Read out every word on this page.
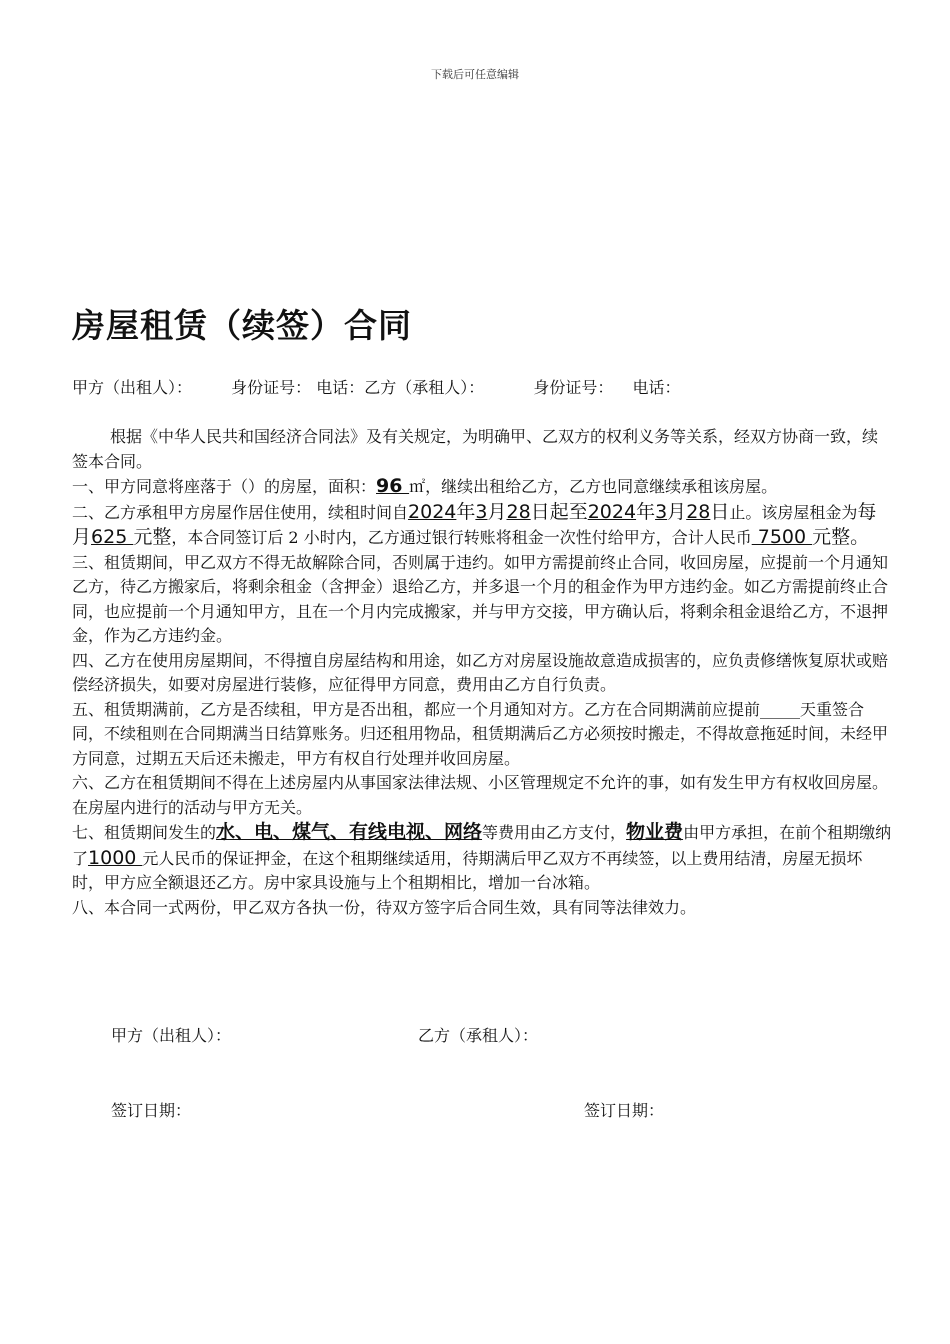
下载后可任意编辑
房屋租赁（续签）合同
甲方（出租人）： 身份证号： 电话：乙方（承租人）：	身份证号： 电话：

根据《中华人民共和国经济合同法》及有关规定，为明确甲、乙双方的权利义务等关系，经双方协商一致，续签本合同。

一、甲方同意将座落于（）的房屋，面积：96 ㎡，继续出租给乙方，乙方也同意继续承租该房屋。

二、乙方承租甲方房屋作居住使用，续租时间自2024年3月28日起至2024年3月28日止。该房屋租金为每月625 元整，本合同签订后 2 小时内，乙方通过银行转账将租金一次性付给甲方，合计人民币 7500 元整。

三、租赁期间，甲乙双方不得无故解除合同，否则属于违约。如甲方需提前终止合同，收回房屋，应提前一个月通知乙方，待乙方搬家后，将剩余租金（含押金）退给乙方，并多退一个月的租金作为甲方违约金。如乙方需提前终止合同，也应提前一个月通知甲方，且在一个月内完成搬家，并与甲方交接，甲方确认后，将剩余租金退给乙方，不退押金，作为乙方违约金。

四、乙方在使用房屋期间，不得擅自房屋结构和用途，如乙方对房屋设施故意造成损害的，应负责修缮恢复原状或赔偿经济损失，如要对房屋进行装修，应征得甲方同意，费用由乙方自行负责。

五、租赁期满前，乙方是否续租，甲方是否出租，都应一个月通知对方。乙方在合同期满前应提前_____天重签合同，不续租则在合同期满当日结算账务。归还租用物品，租赁期满后乙方必须按时搬走，不得故意拖延时间，未经甲方同意，过期五天后还未搬走，甲方有权自行处理并收回房屋。

六、乙方在租赁期间不得在上述房屋内从事国家法律法规、小区管理规定不允许的事，如有发生甲方有权收回房屋。在房屋内进行的活动与甲方无关。

七、租赁期间发生的水、电、煤气、有线电视、网络等费用由乙方支付，物业费由甲方承担，在前个租期缴纳了1000 元人民币的保证押金，在这个租期继续适用，待期满后甲乙双方不再续签，以上费用结清，房屋无损坏时，甲方应全额退还乙方。房中家具设施与上个租期相比，增加一台冰箱。

八、本合同一式两份，甲乙双方各执一份，待双方签字后合同生效，具有同等法律效力。

甲方（出租人）：	乙方（承租人）：
签订日期：	签订日期：
